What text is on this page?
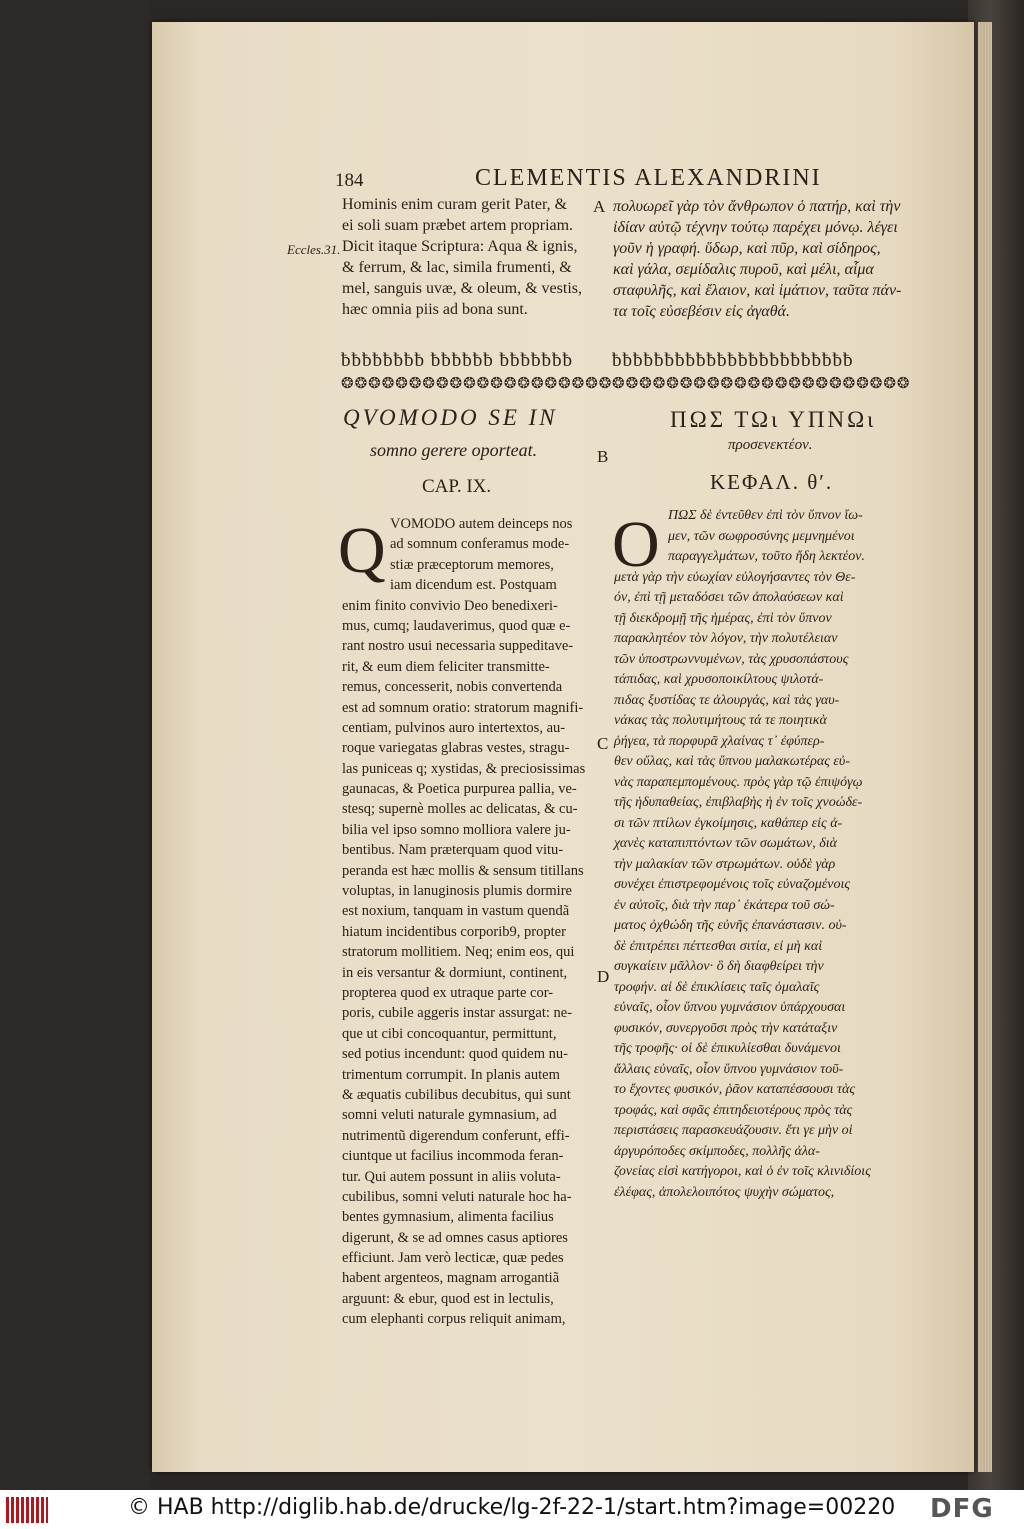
184	CLEMENTIS ALEXANDRINI
A
B
C
D
Eccles.31.
Hominis enim curam gerit Pater, &
ei soli suam præbet artem propriam.
Dicit itaque Scriptura: Aqua & ignis,
& ferrum, & lac, simila frumenti, &
mel, sanguis uvæ, & oleum, & vestis,
hæc omnia piis ad bona sunt.
πολυωρεῖ γὰρ τὸν ἄνθρωπον ὁ πατήρ, καὶ τὴν
ἰδίαν αὐτῷ τέχνην τούτῳ παρέχει μόνῳ. λέγει
γοῦν ἡ γραφή. ὕδωρ, καὶ πῦρ, καὶ σίδηρος,
καὶ γάλα, σεμίδαλις πυροῦ, καὶ μέλι, αἷμα
σταφυλῆς, καὶ ἔλαιον, καὶ ἱμάτιον, ταῦτα πάν-
τα τοῖς εὐσεβέσιν εἰς ἀγαθά.
ƀƀƀƀƀƀƀƀ ƀƀƀƀƀƀ ƀƀƀƀƀƀƀ
❂❂❂❂❂❂❂❂❂❂❂❂❂❂❂❂❂❂❂❂
ƀƀƀƀƀƀƀƀƀƀƀƀƀƀƀƀƀƀƀƀƀƀƀ
❂❂❂❂❂❂❂❂❂❂❂❂❂❂❂❂❂❂❂❂❂❂
QVOMODO SE IN
somno gerere oporteat.
ΠΩΣ ΤΩι ΥΠΝΩι
προσενεκτέον.
CAP. IX.	ΚΕΦΑΛ. θʹ.
Q	O
VOMODO autem deinceps nos
ad somnum conferamus mode-
stiæ præceptorum memores,
iam dicendum est. Postquam
enim finito convivio Deo benedixeri-
mus, cumq; laudaverimus, quod quæ e-
rant nostro usui necessaria suppeditave-
rit, & eum diem feliciter transmitte-
remus, concesserit, nobis convertenda
est ad somnum oratio: stratorum magnifi-
centiam, pulvinos auro intertextos, au-
roque variegatas glabras vestes, stragu-
las puniceas q; xystidas, & preciosissimas
gaunacas, & Poetica purpurea pallia, ve-
stesq; supernè molles ac delicatas, & cu-
bilia vel ipso somno molliora valere ju-
bentibus. Nam præterquam quod vitu-
peranda est hæc mollis & sensum titillans
voluptas, in lanuginosis plumis dormire
est noxium, tanquam in vastum quendã
hiatum incidentibus corporib9, propter
stratorum mollitiem. Neq; enim eos, qui
in eis versantur & dormiunt, continent,
propterea quod ex utraque parte cor-
poris, cubile aggeris instar assurgat: ne-
que ut cibi concoquantur, permittunt,
sed potius incendunt: quod quidem nu-
trimentum corrumpit. In planis autem
& æquatis cubilibus decubitus, qui sunt
somni veluti naturale gymnasium, ad
nutrimentũ digerendum conferunt, effi-
ciuntque ut facilius incommoda feran-
tur. Qui autem possunt in aliis voluta-
cubilibus, somni veluti naturale hoc ha-
bentes gymnasium, alimenta facilius
digerunt, & se ad omnes casus aptiores
efficiunt. Jam verò lecticæ, quæ pedes
habent argenteos, magnam arrogantiã
arguunt: & ebur, quod est in lectulis,
cum elephanti corpus reliquit animam,
ΠΩΣ δὲ ἐντεῦθεν ἐπὶ τὸν ὕπνον ἴω-
μεν, τῶν σωφροσύνης μεμνημένοι
παραγγελμάτων, τοῦτο ἤδη λεκτέον.
μετὰ γὰρ τὴν εὐωχίαν εὐλογήσαντες τὸν Θε-
όν, ἐπὶ τῇ μεταδόσει τῶν ἀπολαύσεων καὶ
τῇ διεκδρομῇ τῆς ἡμέρας, ἐπὶ τὸν ὕπνον
παρακλητέον τὸν λόγον, τὴν πολυτέλειαν
τῶν ὑποστρωννυμένων, τὰς χρυσοπάστους
τάπιδας, καὶ χρυσοποικίλτους ψιλοτά-
πιδας ξυστίδας τε ἁλουργάς, καὶ τὰς γαυ-
νάκας τὰς πολυτιμήτους τά τε ποιητικὰ
ῥήγεα, τὰ πορφυρᾶ χλαίνας τ᾽ ἐφύπερ-
θεν οὔλας, καὶ τὰς ὕπνου μαλακωτέρας εὐ-
νὰς παραπεμπομένους. πρὸς γὰρ τῷ ἐπιψόγῳ
τῆς ἡδυπαθείας, ἐπιβλαβὴς ἡ ἐν τοῖς χνοώδε-
σι τῶν πτίλων ἐγκοίμησις, καθάπερ εἰς ἀ-
χανὲς καταπιπτόντων τῶν σωμάτων, διὰ
τὴν μαλακίαν τῶν στρωμάτων. οὐδὲ γὰρ
συνέχει ἐπιστρεφομένοις τοῖς εὐναζομένοις
ἐν αὐτοῖς, διὰ τὴν παρ᾽ ἑκάτερα τοῦ σώ-
ματος ὀχθώδη τῆς εὐνῆς ἐπανάστασιν. οὐ-
δὲ ἐπιτρέπει πέττεσθαι σιτία, εἰ μὴ καὶ
συγκαίειν μᾶλλον· ὃ δὴ διαφθείρει τὴν
τροφήν. αἱ δὲ ἐπικλίσεις ταῖς ὁμαλαῖς
εὐναῖς, οἷον ὕπνου γυμνάσιον ὑπάρχουσαι
φυσικόν, συνεργοῦσι πρὸς τὴν κατάταξιν
τῆς τροφῆς· οἱ δὲ ἐπικυλίεσθαι δυνάμενοι
ἄλλαις εὐναῖς, οἷον ὕπνου γυμνάσιον τοῦ-
το ἔχοντες φυσικόν, ῥᾶον καταπέσσουσι τὰς
τροφάς, καὶ σφᾶς ἐπιτηδειοτέρους πρὸς τὰς
περιστάσεις παρασκευάζουσιν. ἔτι γε μὴν οἱ
ἀργυρόποδες σκίμποδες, πολλῆς ἀλα-
ζονείας εἰσὶ κατήγοροι, καὶ ὁ ἐν τοῖς κλινιδίοις
ἐλέφας, ἀπολελοιπότος ψυχὴν σώματος,
© HAB http://diglib.hab.de/drucke/lg-2f-22-1/start.htm?image=00220 DFG
